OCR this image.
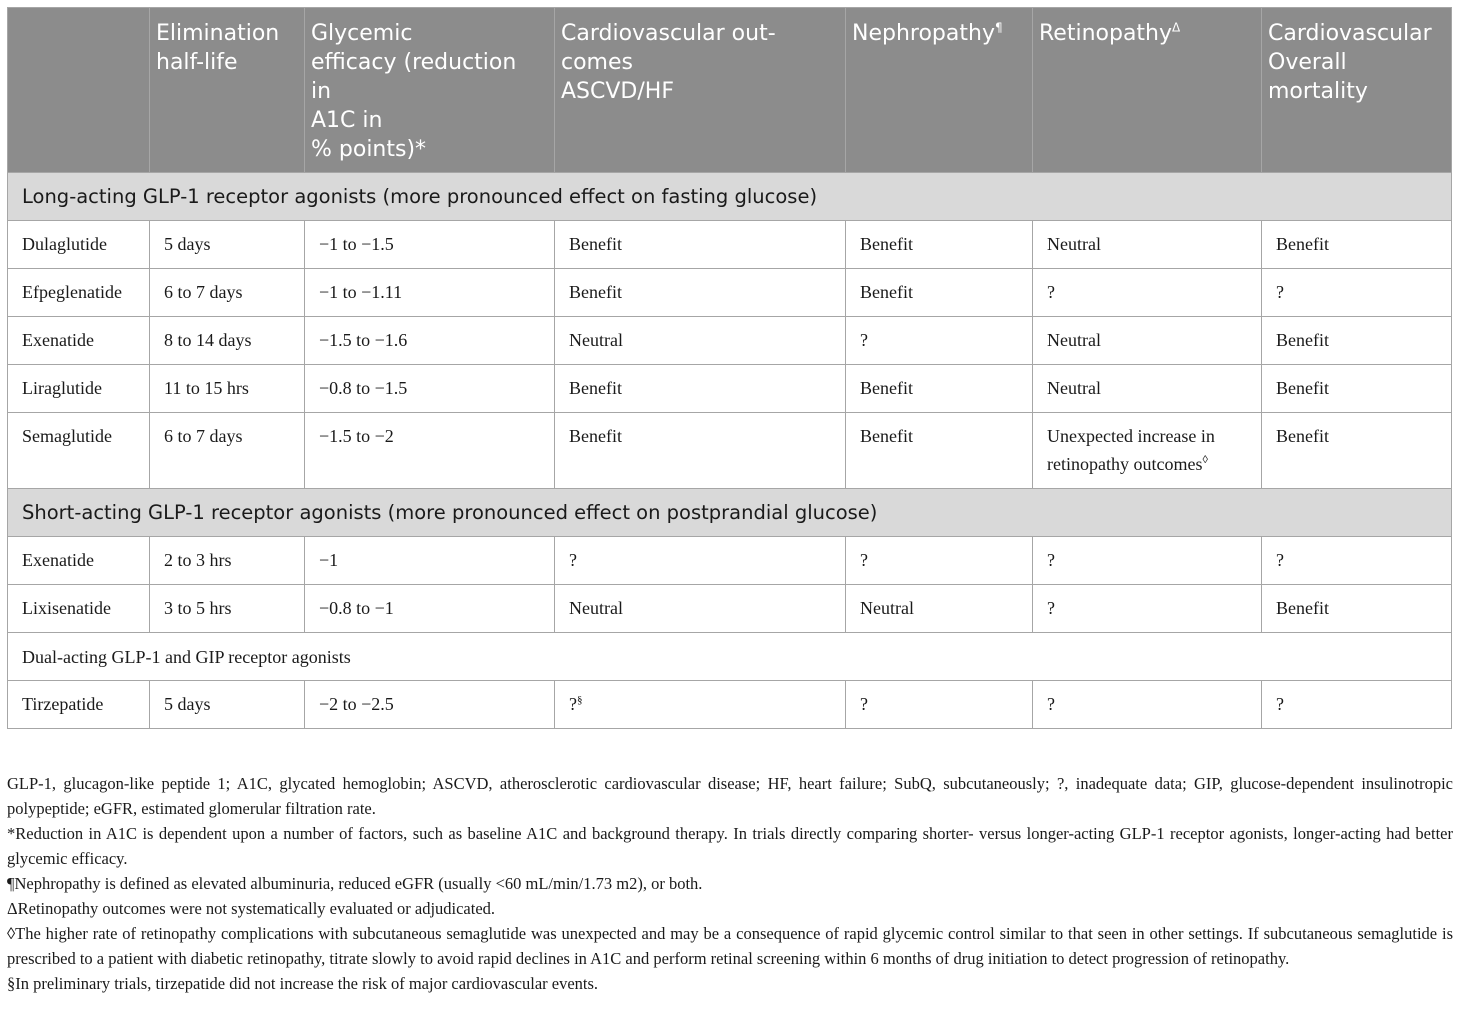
	Elimination
half-life	Glycemic
efficacy (reduction
in
A1C in
% points)*	Cardiovascular out-
comes
ASCVD/HF	Nephropathy¶	Retinopathy$^\Delta$	Cardiovascular
Overall
mortality
Long-acting GLP-1 receptor agonists (more pronounced effect on fasting glucose)						
Dulaglutide	5 days	−1 to −1.5	Benefit	Benefit	Neutral	Benefit
Efpeglenatide	6 to 7 days	−1 to −1.11	Benefit	Benefit	?	?
Exenatide	8 to 14 days	−1.5 to −1.6	Neutral	?	Neutral	Benefit
Liraglutide	11 to 15 hrs	−0.8 to −1.5	Benefit	Benefit	Neutral	Benefit
Semaglutide	6 to 7 days	−1.5 to −2	Benefit	Benefit	Unexpected increase in retinopathy outcomes◊	Benefit
Short-acting GLP-1 receptor agonists (more pronounced effect on postprandial glucose)						
Exenatide	2 to 3 hrs	−1	?	?	?	?
Lixisenatide	3 to 5 hrs	−0.8 to −1	Neutral	Neutral	?	Benefit
Dual-acting GLP-1 and GIP receptor agonists						
Tirzepatide	5 days	−2 to −2.5	?§	?	?	?

GLP-1, glucagon-like peptide 1; A1C, glycated hemoglobin; ASCVD, atherosclerotic cardiovascular disease; HF, heart failure; SubQ, subcutaneously; ?, inadequate data; GIP, glucose-dependent insulinotropic polypeptide; eGFR, estimated glomerular filtration rate.

*Reduction in A1C is dependent upon a number of factors, such as baseline A1C and background therapy. In trials directly comparing shorter- versus longer-acting GLP-1 receptor agonists, longer-acting had better glycemic efficacy.

¶Nephropathy is defined as elevated albuminuria, reduced eGFR (usually <60 mL/min/1.73 m2), or both.

ΔRetinopathy outcomes were not systematically evaluated or adjudicated.

◊The higher rate of retinopathy complications with subcutaneous semaglutide was unexpected and may be a consequence of rapid glycemic control similar to that seen in other settings. If subcutaneous semaglutide is prescribed to a patient with diabetic retinopathy, titrate slowly to avoid rapid declines in A1C and perform retinal screening within 6 months of drug initiation to detect progression of retinopathy.

§In preliminary trials, tirzepatide did not increase the risk of major cardiovascular events.
